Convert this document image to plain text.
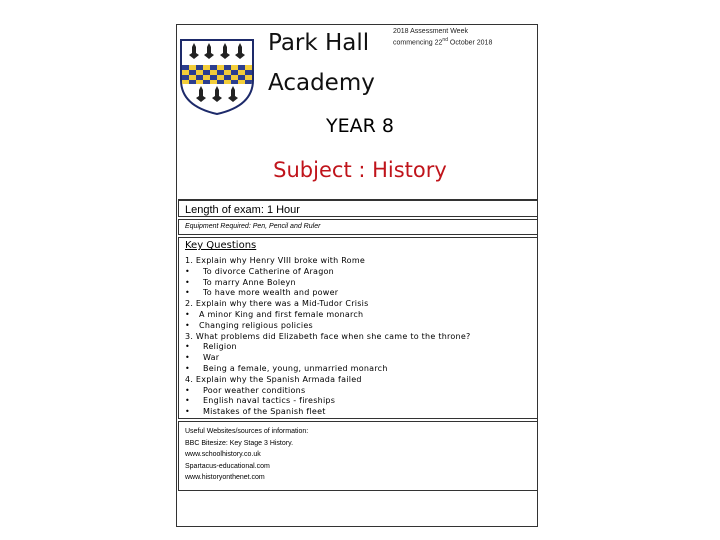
Park Hall
Academy
2018 Assessment Week
commencing 22nd October 2018
YEAR 8
Subject : History
Length of exam: 1 Hour
Equipment Required: Pen, Pencil and Ruler
Key Questions
1. Explain why Henry VIII broke with Rome
• To divorce Catherine of Aragon
• To marry Anne Boleyn
• To have more wealth and power
2. Explain why there was a Mid-Tudor Crisis
• A minor King and first female monarch
• Changing religious policies
3. What problems did Elizabeth face when she came to the throne?
• Religion
• War
• Being a female, young, unmarried monarch
4. Explain why the Spanish Armada failed
• Poor weather conditions
• English naval tactics - fireships
• Mistakes of the Spanish fleet
Useful Websites/sources of information:
BBC Bitesize: Key Stage 3 History.
www.schoolhistory.co.uk
Spartacus-educational.com
www.historyonthenet.com
